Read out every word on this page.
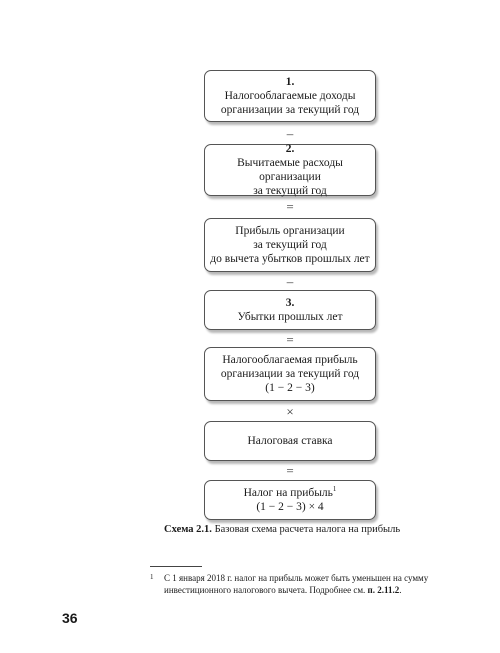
1.
Налогооблагаемые доходы
организации за текущий год
–
2.
Вычитаемые расходы организации
за текущий год
=
Прибыль организации
за текущий год
до вычета убытков прошлых лет
–
3.
Убытки прошлых лет
=
Налогооблагаемая прибыль
организации за текущий год
(1 − 2 − 3)
×
Налоговая ставка
=
Налог на прибыль$^1$
(1 − 2 − 3) × 4
Схема 2.1. Базовая схема расчета налога на прибыль
1	С 1 января 2018 г. налог на прибыль может быть уменьшен на сумму инвестиционного налогового вычета. Подробнее см. п. 2.11.2.
36
